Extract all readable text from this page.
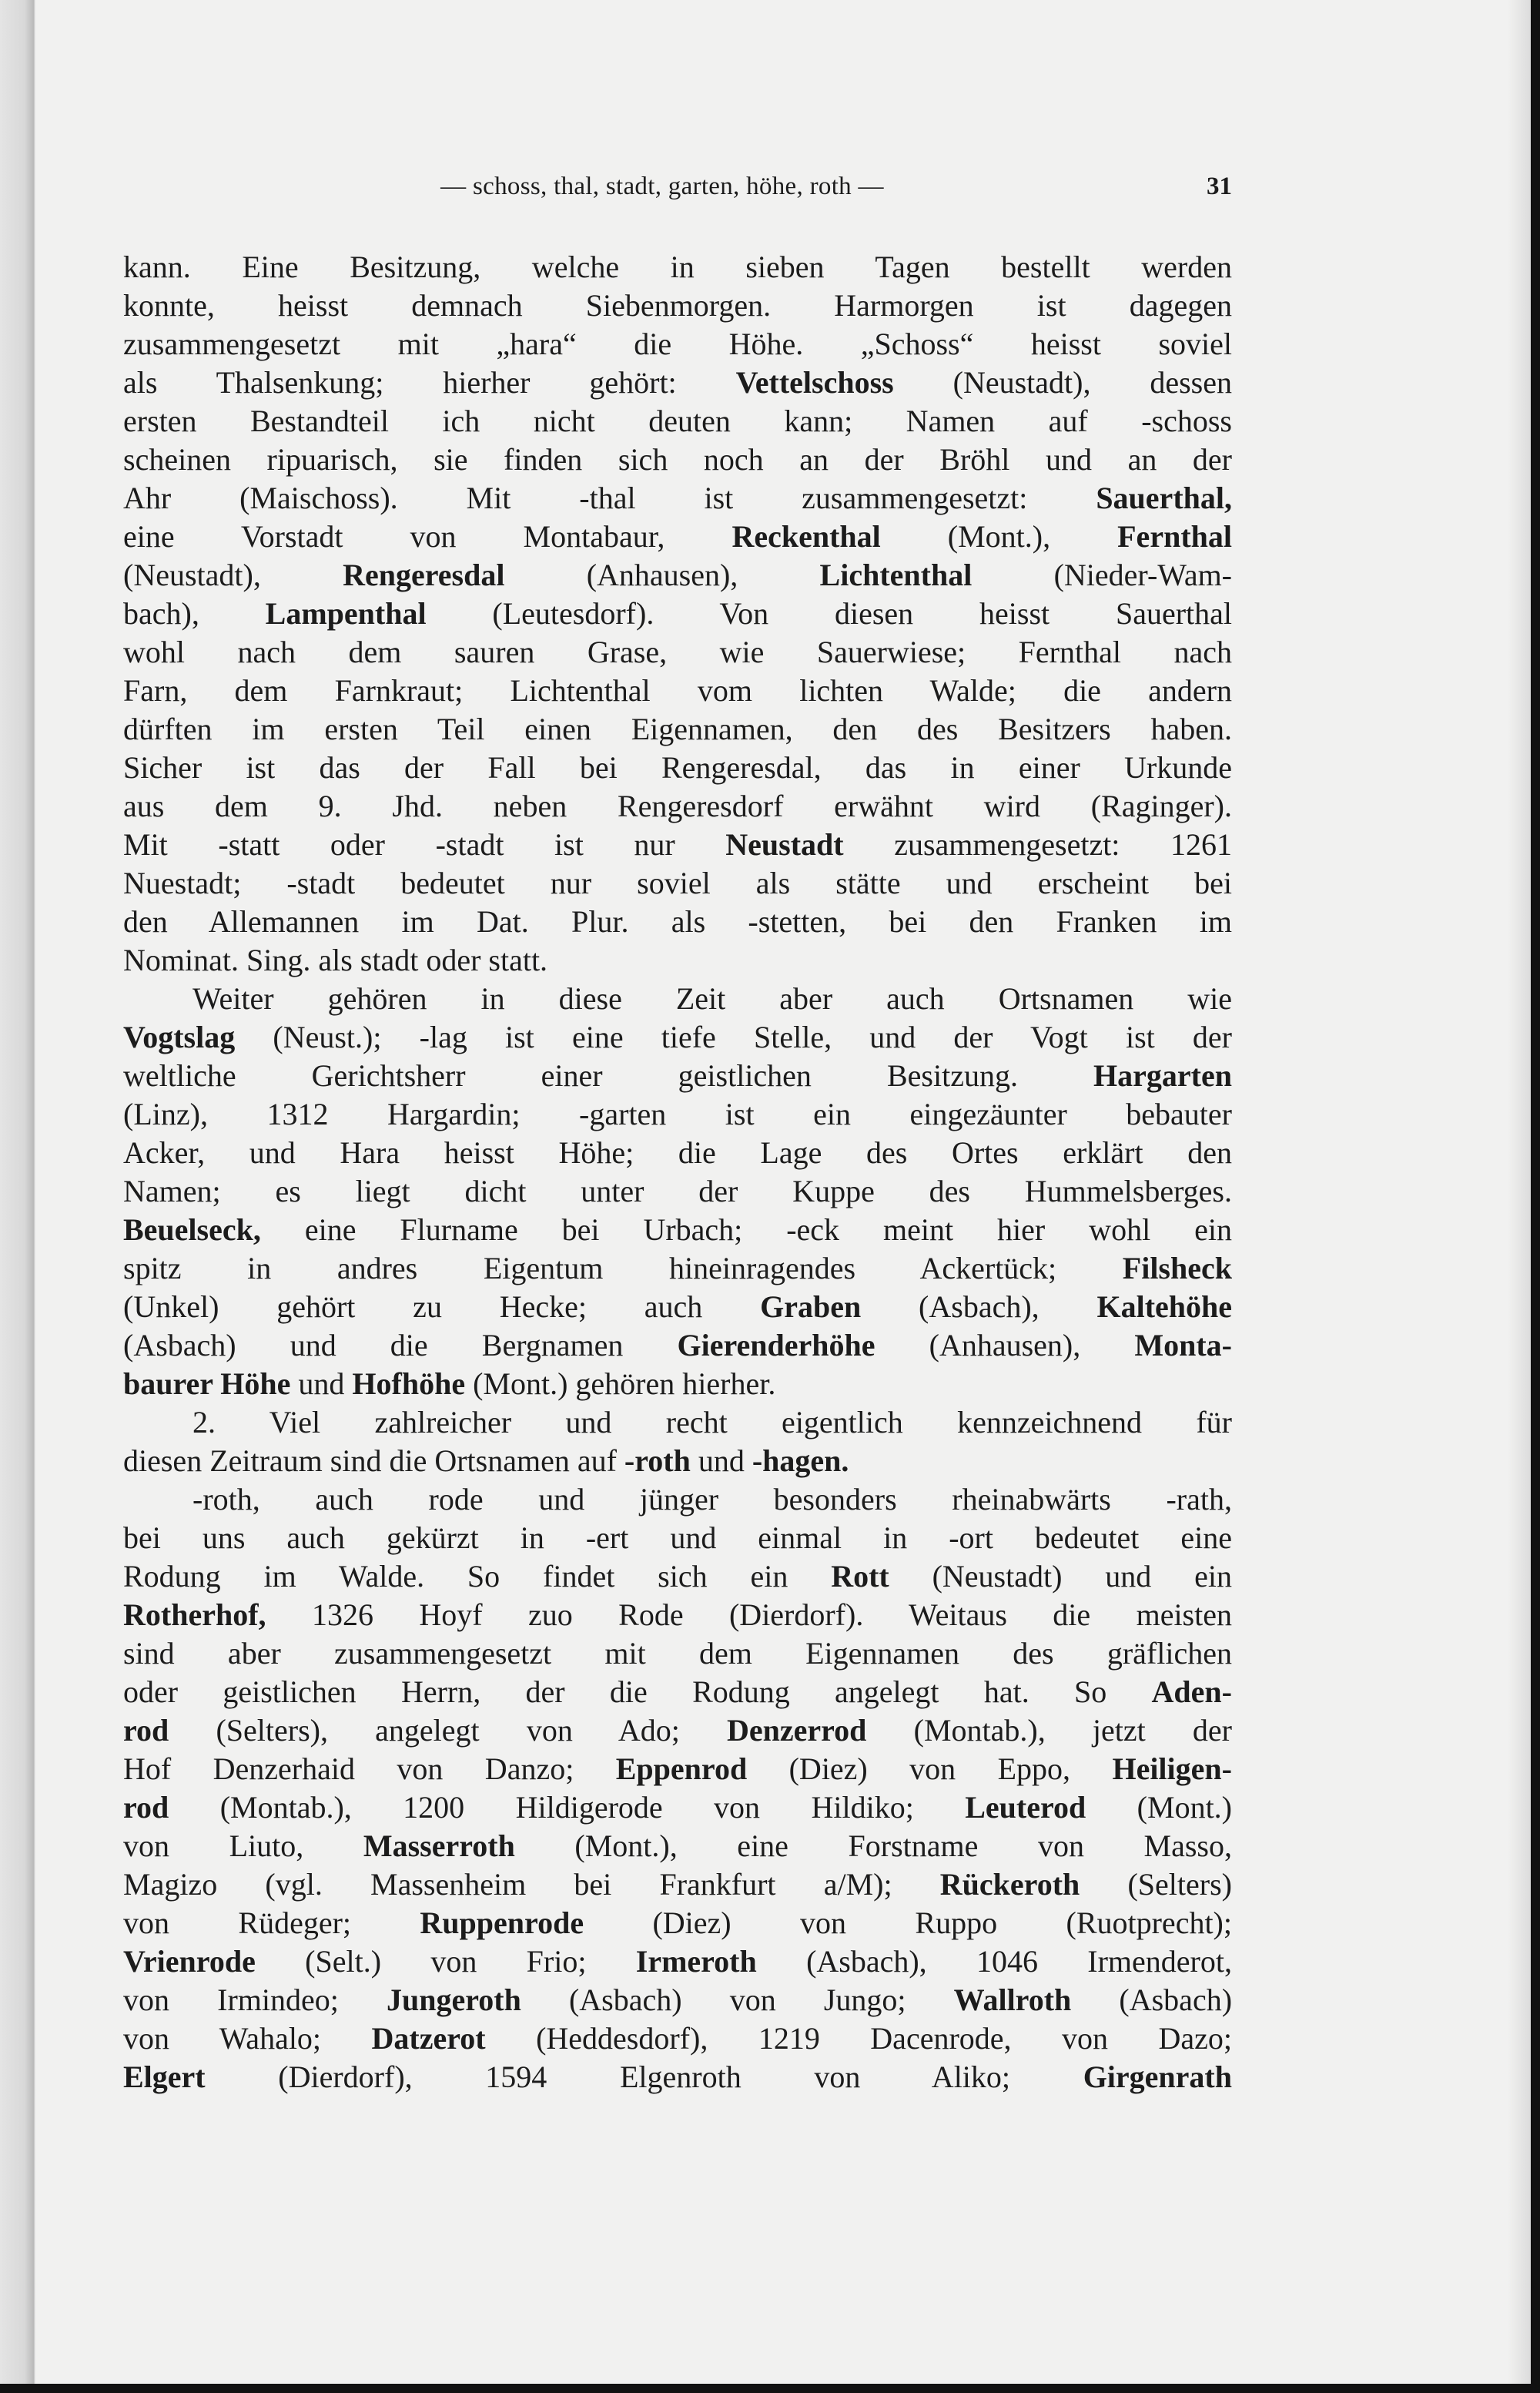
— schoss, thal, stadt, garten, höhe, roth —	31
kann. Eine Besitzung, welche in sieben Tagen bestellt werden
konnte, heisst demnach Siebenmorgen. Harmorgen ist dagegen
zusammengesetzt mit „hara“ die Höhe. „Schoss“ heisst soviel
als Thalsenkung; hierher gehört: Vettelschoss (Neustadt), dessen
ersten Bestandteil ich nicht deuten kann; Namen auf -schoss
scheinen ripuarisch, sie finden sich noch an der Bröhl und an der
Ahr (Maischoss). Mit -thal ist zusammengesetzt: Sauerthal,
eine Vorstadt von Montabaur, Reckenthal (Mont.), Fernthal
(Neustadt), Rengeresdal (Anhausen), Lichtenthal (Nieder-Wam-
bach), Lampenthal (Leutesdorf). Von diesen heisst Sauerthal
wohl nach dem sauren Grase, wie Sauerwiese; Fernthal nach
Farn, dem Farnkraut; Lichtenthal vom lichten Walde; die andern
dürften im ersten Teil einen Eigennamen, den des Besitzers haben.
Sicher ist das der Fall bei Rengeresdal, das in einer Urkunde
aus dem 9. Jhd. neben Rengeresdorf erwähnt wird (Raginger).
Mit -statt oder -stadt ist nur Neustadt zusammengesetzt: 1261
Nuestadt; -stadt bedeutet nur soviel als stätte und erscheint bei
den Allemannen im Dat. Plur. als -stetten, bei den Franken im
Nominat. Sing. als stadt oder statt.
Weiter gehören in diese Zeit aber auch Ortsnamen wie
Vogtslag (Neust.); -lag ist eine tiefe Stelle, und der Vogt ist der
weltliche Gerichtsherr einer geistlichen Besitzung. Hargarten
(Linz), 1312 Hargardin; -garten ist ein eingezäunter bebauter
Acker, und Hara heisst Höhe; die Lage des Ortes erklärt den
Namen; es liegt dicht unter der Kuppe des Hummelsberges.
Beuelseck, eine Flurname bei Urbach; -eck meint hier wohl ein
spitz in andres Eigentum hineinragendes Ackertück; Filsheck
(Unkel) gehört zu Hecke; auch Graben (Asbach), Kaltehöhe
(Asbach) und die Bergnamen Gierenderhöhe (Anhausen), Monta-
baurer Höhe und Hofhöhe (Mont.) gehören hierher.
2. Viel zahlreicher und recht eigentlich kennzeichnend für
diesen Zeitraum sind die Ortsnamen auf -roth und -hagen.
-roth, auch rode und jünger besonders rheinabwärts -rath,
bei uns auch gekürzt in -ert und einmal in -ort bedeutet eine
Rodung im Walde. So findet sich ein Rott (Neustadt) und ein
Rotherhof, 1326 Hoyf zuo Rode (Dierdorf). Weitaus die meisten
sind aber zusammengesetzt mit dem Eigennamen des gräflichen
oder geistlichen Herrn, der die Rodung angelegt hat. So Aden-
rod (Selters), angelegt von Ado; Denzerrod (Montab.), jetzt der
Hof Denzerhaid von Danzo; Eppenrod (Diez) von Eppo, Heiligen-
rod (Montab.), 1200 Hildigerode von Hildiko; Leuterod (Mont.)
von Liuto, Masserroth (Mont.), eine Forstname von Masso,
Magizo (vgl. Massenheim bei Frankfurt a/M); Rückeroth (Selters)
von Rüdeger; Ruppenrode (Diez) von Ruppo (Ruotprecht);
Vrienrode (Selt.) von Frio; Irmeroth (Asbach), 1046 Irmenderot,
von Irmindeo; Jungeroth (Asbach) von Jungo; Wallroth (Asbach)
von Wahalo; Datzerot (Heddesdorf), 1219 Dacenrode, von Dazo;
Elgert (Dierdorf), 1594 Elgenroth von Aliko; Girgenrath
